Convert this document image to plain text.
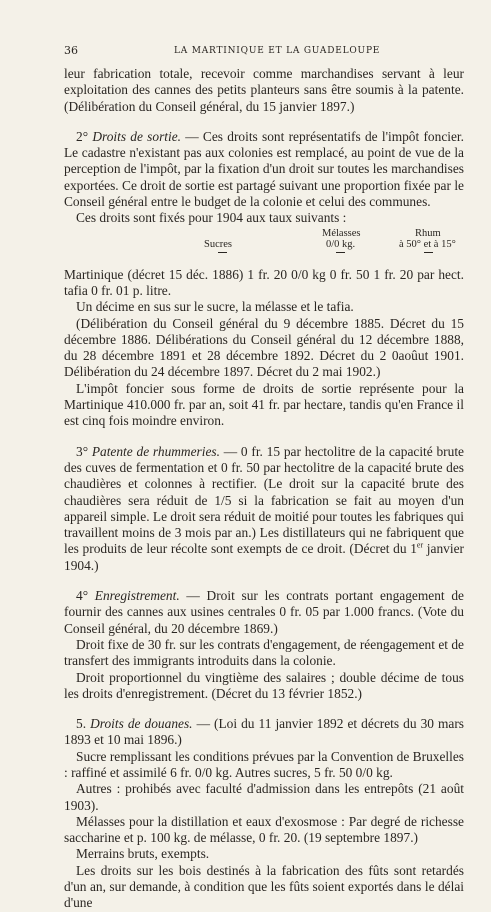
36	LA MARTINIQUE ET LA GUADELOUPE

leur fabrication totale, recevoir comme marchandises servant à leur exploitation des cannes des petits planteurs sans être soumis à la patente. (Délibération du Conseil général, du 15 janvier 1897.)

2° Droits de sortie. — Ces droits sont représentatifs de l'impôt foncier. Le cadastre n'existant pas aux colonies est remplacé, au point de vue de la perception de l'impôt, par la fixation d'un droit sur toutes les marchandises exportées. Ce droit de sortie est partagé suivant une proportion fixée par le Conseil général entre le budget de la colonie et celui des communes.

Ces droits sont fixés pour 1904 aux taux suivants :

Sucres
Mélasses
0/0 kg.
Rhum
à 50° et à 15°

Martinique (décret 15 déc. 1886) 1 fr. 20 0/0 kg 0 fr. 50 1 fr. 20 par hect. tafia 0 fr. 01 p. litre.

Un décime en sus sur le sucre, la mélasse et le tafia.

(Délibération du Conseil général du 9 décembre 1885. Décret du 15 décembre 1886. Délibérations du Conseil général du 12 décembre 1888, du 28 décembre 1891 et 28 décembre 1892. Décret du 2 0aoûut 1901. Délibération du 24 décembre 1897. Décret du 2 mai 1902.)

L'impôt foncier sous forme de droits de sortie représente pour la Martinique 410.000 fr. par an, soit 41 fr. par hectare, tandis qu'en France il est cinq fois moindre environ.

3° Patente de rhummeries. — 0 fr. 15 par hectolitre de la capacité brute des cuves de fermentation et 0 fr. 50 par hectolitre de la capacité brute des chaudières et colonnes à rectifier. (Le droit sur la capacité brute des chaudières sera réduit de 1/5 si la fabrication se fait au moyen d'un appareil simple. Le droit sera réduit de moitié pour toutes les fabriques qui travaillent moins de 3 mois par an.) Les distillateurs qui ne fabriquent que les produits de leur récolte sont exempts de ce droit. (Décret du 1er janvier 1904.)

4° Enregistrement. — Droit sur les contrats portant engagement de fournir des cannes aux usines centrales 0 fr. 05 par 1.000 francs. (Vote du Conseil général, du 20 décembre 1869.)

Droit fixe de 30 fr. sur les contrats d'engagement, de réengagement et de transfert des immigrants introduits dans la colonie.

Droit proportionnel du vingtième des salaires ; double décime de tous les droits d'enregistrement. (Décret du 13 février 1852.)

5. Droits de douanes. — (Loi du 11 janvier 1892 et décrets du 30 mars 1893 et 10 mai 1896.)

Sucre remplissant les conditions prévues par la Convention de Bruxelles : raffiné et assimilé 6 fr. 0/0 kg. Autres sucres, 5 fr. 50 0/0 kg.

Autres : prohibés avec faculté d'admission dans les entrepôts (21 août 1903).

Mélasses pour la distillation et eaux d'exosmose : Par degré de richesse saccharine et p. 100 kg. de mélasse, 0 fr. 20. (19 septembre 1897.)

Merrains bruts, exempts.

Les droits sur les bois destinés à la fabrication des fûts sont retardés d'un an, sur demande, à condition que les fûts soient exportés dans le délai d'une
